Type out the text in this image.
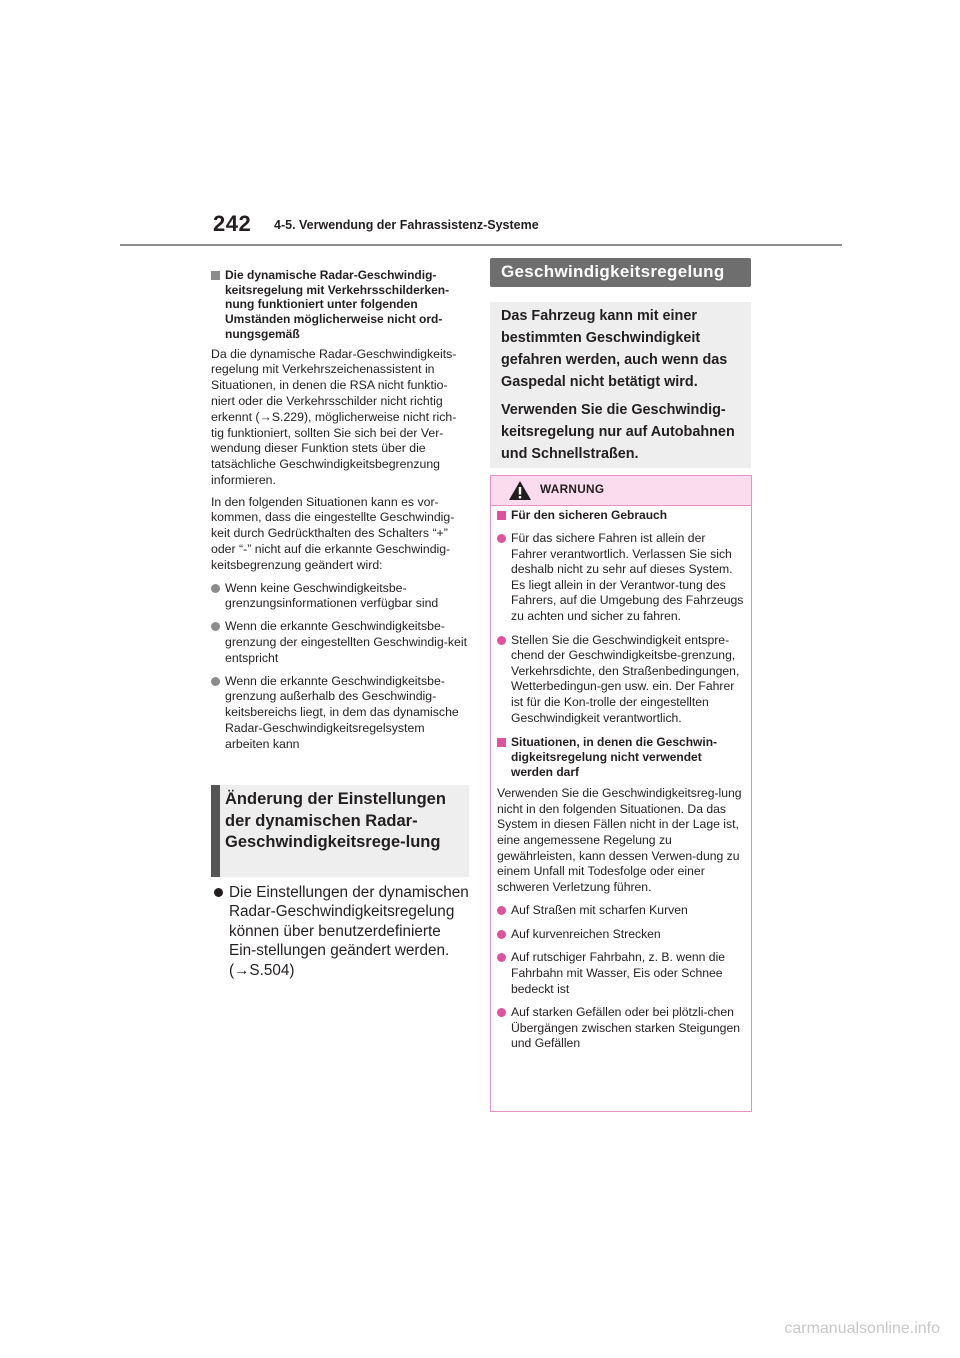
242 4-5. Verwendung der Fahrassistenz-Systeme
Die dynamische Radar-Geschwindig-keitsregelung mit Verkehrsschilderken-nung funktioniert unter folgenden Umständen möglicherweise nicht ord-nungsgemäß

Da die dynamische Radar-Geschwindigkeits-regelung mit Verkehrszeichenassistent in Situationen, in denen die RSA nicht funktio-niert oder die Verkehrsschilder nicht richtig erkennt (→S.229), möglicherweise nicht rich-tig funktioniert, sollten Sie sich bei der Ver-wendung dieser Funktion stets über die tatsächliche Geschwindigkeitsbegrenzung informieren.

In den folgenden Situationen kann es vor-kommen, dass die eingestellte Geschwindig-keit durch Gedrückthalten des Schalters “+” oder “-” nicht auf die erkannte Geschwindig-keitsbegrenzung geändert wird:

Wenn keine Geschwindigkeitsbe-grenzungsinformationen verfügbar sind
Wenn die erkannte Geschwindigkeitsbe-grenzung der eingestellten Geschwindig-keit entspricht
Wenn die erkannte Geschwindigkeitsbe-grenzung außerhalb des Geschwindig-keitsbereichs liegt, in dem das dynamische Radar-Geschwindigkeitsregelsystem arbeiten kann
Änderung der Einstellungen der dynamischen Radar-Geschwindigkeitsrege-lung
Die Einstellungen der dynamischen Radar-Geschwindigkeitsregelung können über benutzerdefinierte Ein-stellungen geändert werden. (→S.504)
Geschwindigkeitsregelung

Das Fahrzeug kann mit einer bestimmten Geschwindigkeit gefahren werden, auch wenn das Gaspedal nicht betätigt wird.

Verwenden Sie die Geschwindig-keitsregelung nur auf Autobahnen und Schnellstraßen.

WARNUNG
Für den sicheren Gebrauch
Für das sichere Fahren ist allein der Fahrer verantwortlich. Verlassen Sie sich deshalb nicht zu sehr auf dieses System. Es liegt allein in der Verantwor-tung des Fahrers, auf die Umgebung des Fahrzeugs zu achten und sicher zu fahren.
Stellen Sie die Geschwindigkeit entspre-chend der Geschwindigkeitsbe-grenzung, Verkehrsdichte, den Straßenbedingungen, Wetterbedingun-gen usw. ein. Der Fahrer ist für die Kon-trolle der eingestellten Geschwindigkeit verantwortlich.
Situationen, in denen die Geschwin-digkeitsregelung nicht verwendet werden darf
Verwenden Sie die Geschwindigkeitsreg-lung nicht in den folgenden Situationen. Da das System in diesen Fällen nicht in der Lage ist, eine angemessene Regelung zu gewährleisten, kann dessen Verwen-dung zu einem Unfall mit Todesfolge oder einer schweren Verletzung führen.
Auf Straßen mit scharfen Kurven
Auf kurvenreichen Strecken
Auf rutschiger Fahrbahn, z. B. wenn die Fahrbahn mit Wasser, Eis oder Schnee bedeckt ist
Auf starken Gefällen oder bei plötzli-chen Übergängen zwischen starken Steigungen und Gefällen
carmanualsonline.info
